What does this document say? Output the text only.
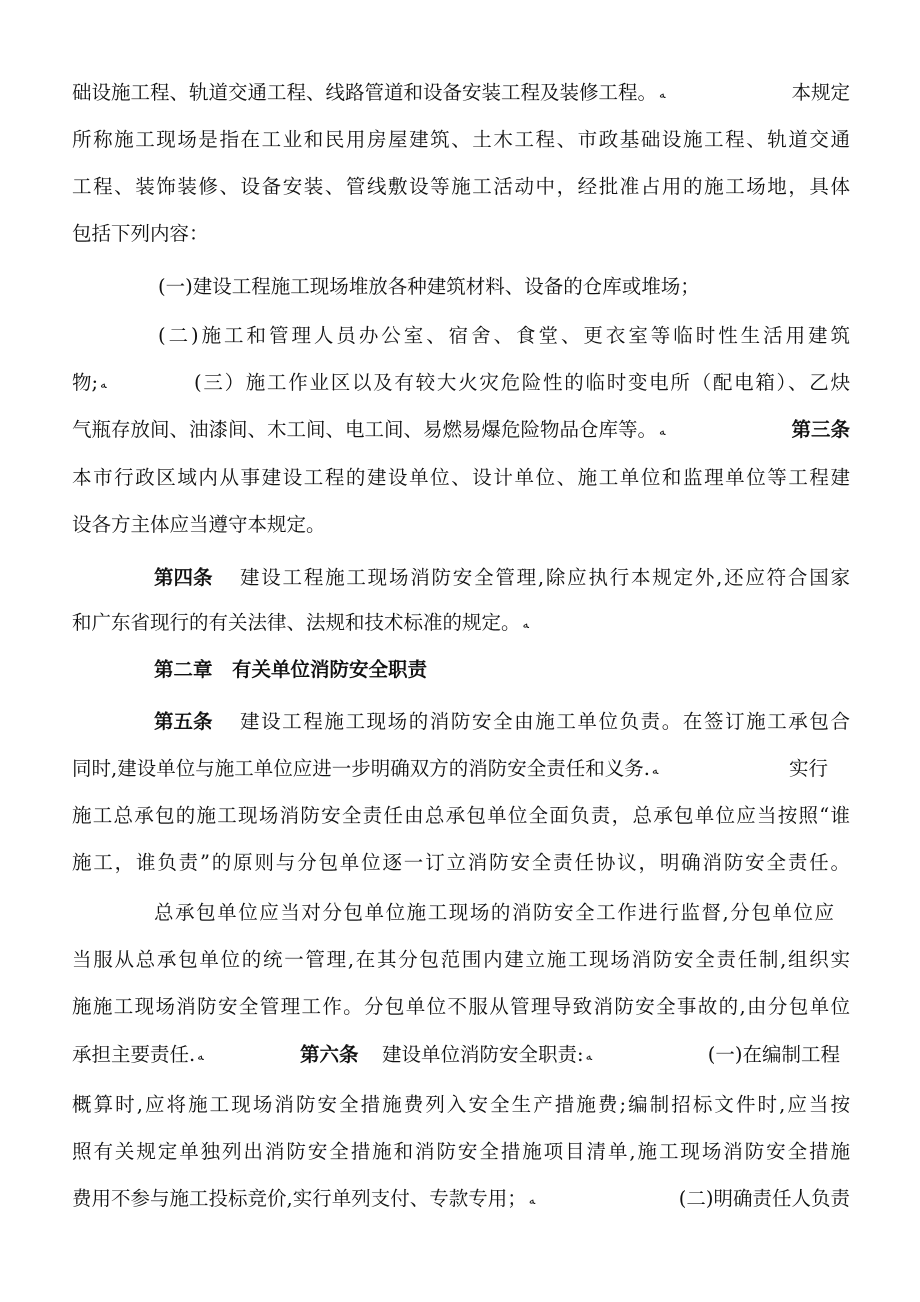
础设施工程、轨道交通工程、线路管道和设备安装工程及装修工程。 ﻪ	本规定
所称施工现场是指在工业和民用房屋建筑、土木工程、市政基础设施工程、轨道交通
工程、装饰装修、设备安装、管线敷设等施工活动中，经批准占用的施工场地，具体
包括下列内容：
(一)建设工程施工现场堆放各种建筑材料、设备的仓库或堆场；
(二)施工和管理人员办公室、宿舍、食堂、更衣室等临时性生活用建筑
物; ﻪ	(三）施工作业区以及有较大火灾危险性的临时变电所（配电箱）、乙炔
气瓶存放间、油漆间、木工间、电工间、易燃易爆危险物品仓库等。 ﻪ	第三条
本市行政区域内从事建设工程的建设单位、设计单位、施工单位和监理单位等工程建
设各方主体应当遵守本规定。
第四条 建设工程施工现场消防安全管理,除应执行本规定外,还应符合国家
和广东省现行的有关法律、法规和技术标准的规定。 ﻪ
第二章　有关单位消防安全职责
第五条 建设工程施工现场的消防安全由施工单位负责。在签订施工承包合
同时,建设单位与施工单位应进一步明确双方的消防安全责任和义务. ﻪ	实行
施工总承包的施工现场消防安全责任由总承包单位全面负责，总承包单位应当按照“谁
施工，谁负责”的原则与分包单位逐一订立消防安全责任协议，明确消防安全责任。
总承包单位应当对分包单位施工现场的消防安全工作进行监督,分包单位应
当服从总承包单位的统一管理,在其分包范围内建立施工现场消防安全责任制,组织实
施施工现场消防安全管理工作。分包单位不服从管理导致消防安全事故的,由分包单位
承担主要责任. ﻪ	第六条 建设单位消防安全职责: ﻪ	(一)在编制工程
概算时,应将施工现场消防安全措施费列入安全生产措施费;编制招标文件时,应当按
照有关规定单独列出消防安全措施和消防安全措施项目清单,施工现场消防安全措施
费用不参与施工投标竞价,实行单列支付、专款专用； ﻪ	(二)明确责任人负责
